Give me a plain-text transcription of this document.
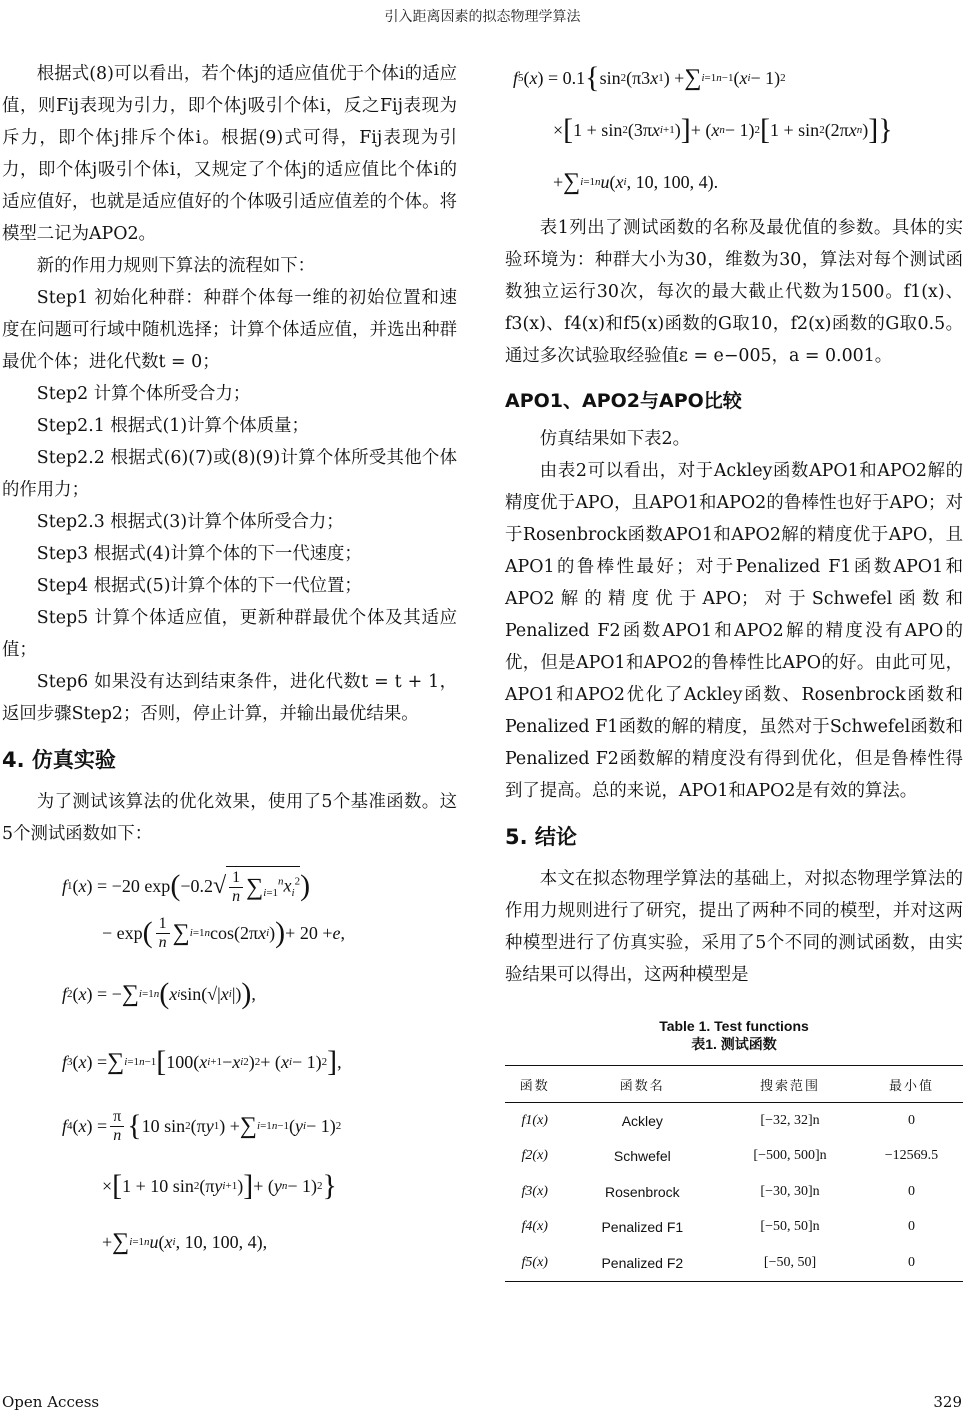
引入距离因素的拟态物理学算法

根据式(8)可以看出，若个体j的适应值优于个体i的适应值，则Fij表现为引力，即个体j吸引个体i，反之Fij表现为斥力，即个体j排斥个体i。根据(9)式可得，Fij表现为引力，即个体j吸引个体i，又规定了个体j的适应值比个体i的适应值好，也就是适应值好的个体吸引适应值差的个体。将模型二记为APO2。

新的作用力规则下算法的流程如下：

Step1 初始化种群：种群个体每一维的初始位置和速度在问题可行域中随机选择；计算个体适应值，并选出种群最优个体；进化代数t = 0；

Step2 计算个体所受合力；

Step2.1 根据式(1)计算个体质量；

Step2.2 根据式(6)(7)或(8)(9)计算个体所受其他个体的作用力；

Step2.3 根据式(3)计算个体所受合力；

Step3 根据式(4)计算个体的下一代速度；

Step4 根据式(5)计算个体的下一代位置；

Step5 计算个体适应值，更新种群最优个体及其适应值；

Step6 如果没有达到结束条件，进化代数t = t + 1，返回步骤Step2；否则，停止计算，并输出最优结果。

4. 仿真实验

为了测试该算法的优化效果，使用了5个基准函数。这5个测试函数如下：

f 1 ( x ) = −20 exp ( −0.2 √ $\frac{1}{n} \sum_{i=1}^nx_i^2$ )
− exp ( $\frac{1}{n}$ ∑ i=1 n cos(2π x i ) ) + 20 + e ,
f 2 ( x ) = − ∑ i=1 n ( x i sin(√| x i |) ) ,
f 3 ( x ) = ∑ i=1 n−1 [ 100( x i+1 − x i 2 ) 2 + ( x i − 1) 2 ] ,
f 4 ( x ) = $\frac{\pi}{n}$ { 10 sin 2 (π y 1 ) + ∑ i=1 n−1 ( y i − 1) 2
× [ 1 + 10 sin 2 (π y i+1 ) ] + ( y n − 1) 2 }
+ ∑ i=1 n u ( x i , 10, 100, 4),
f 5 ( x ) = 0.1 { sin 2 (π3 x 1 ) + ∑ i=1 n−1 ( x i − 1) 2
× [ 1 + sin 2 (3π x i+1 ) ] + ( x n − 1) 2 [ 1 + sin 2 (2π x n ) ] }
+ ∑ i=1 n u ( x i , 10, 100, 4).

表1列出了测试函数的名称及最优值的参数。具体的实验环境为：种群大小为30，维数为30，算法对每个测试函数独立运行30次，每次的最大截止代数为1500。f1(x)、f3(x)、f4(x)和f5(x)函数的G取10，f2(x)函数的G取0.5。通过多次试验取经验值ε = e−005，a = 0.001。

APO1、APO2与APO比较

仿真结果如下表2。

由表2可以看出，对于Ackley函数APO1和APO2解的精度优于APO，且APO1和APO2的鲁棒性也好于APO；对于Rosenbrock函数APO1和APO2解的精度优于APO，且APO1的鲁棒性最好；对于Penalized F1函数APO1和APO2解的精度优于APO；对于Schwefel函数和Penalized F2函数APO1和APO2解的精度没有APO的优，但是APO1和APO2的鲁棒性比APO的好。由此可见，APO1和APO2优化了Ackley函数、Rosenbrock函数和Penalized F1函数的解的精度，虽然对于Schwefel函数和Penalized F2函数解的精度没有得到优化，但是鲁棒性得到了提高。总的来说，APO1和APO2是有效的算法。

5. 结论

本文在拟态物理学算法的基础上，对拟态物理学算法的作用力规则进行了研究，提出了两种不同的模型，并对这两种模型进行了仿真实验，采用了5个不同的测试函数，由实验结果可以得出，这两种模型是

Table 1. Test functions
表1. 测试函数
函数	函数名	搜索范围	最小值
f1(x)	Ackley	[−32, 32]n	0
f2(x)	Schwefel	[−500, 500]n	−12569.5
f3(x)	Rosenbrock	[−30, 30]n	0
f4(x)	Penalized F1	[−50, 50]n	0
f5(x)	Penalized F2	[−50, 50]	0
Open Access	329
